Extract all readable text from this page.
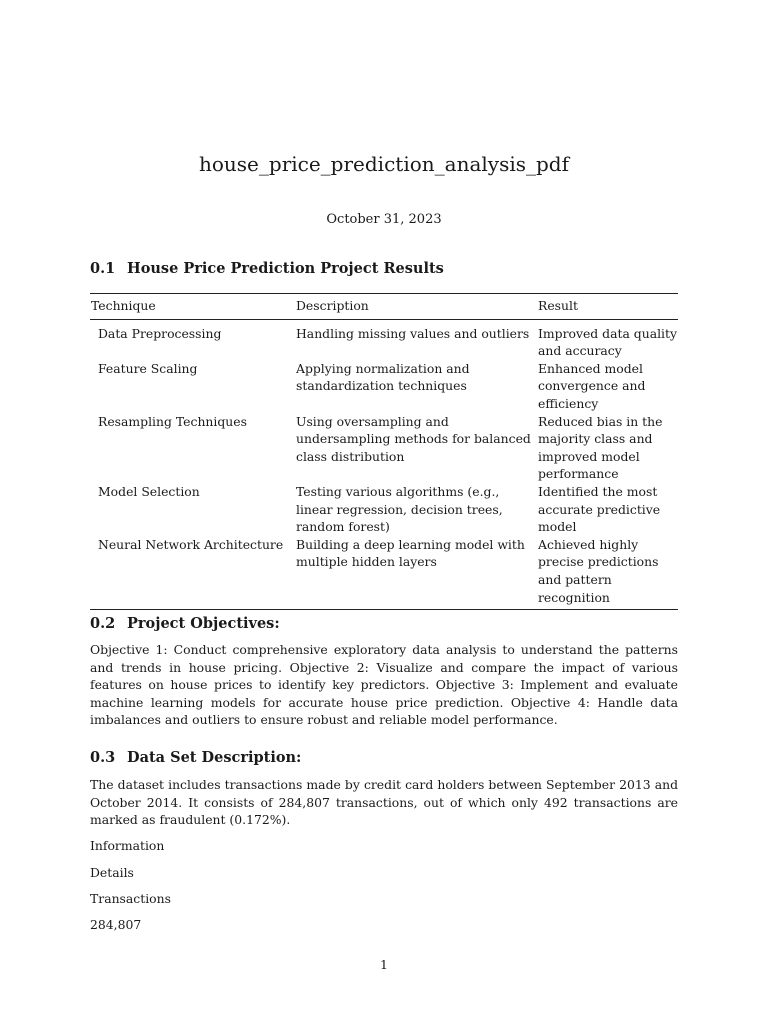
house_price_prediction_analysis_pdf
October 31, 2023
0.1 House Price Prediction Project Results
Technique	Description	Result
Data Preprocessing	Handling missing values and outliers	Improved data quality and accuracy
Feature Scaling	Applying normalization and standardization techniques	Enhanced model convergence and efficiency
Resampling Techniques	Using oversampling and undersampling methods for balanced class distribution	Reduced bias in the majority class and improved model performance
Model Selection	Testing various algorithms (e.g., linear regression, decision trees, random forest)	Identified the most accurate predictive model
Neural Network Architecture	Building a deep learning model with multiple hidden layers	Achieved highly precise predictions and pattern recognition
0.2 Project Objectives:

Objective 1: Conduct comprehensive exploratory data analysis to understand the patterns and trends in house pricing. Objective 2: Visualize and compare the impact of various features on house prices to identify key predictors. Objective 3: Implement and evaluate machine learning models for accurate house price prediction. Objective 4: Handle data imbalances and outliers to ensure robust and reliable model performance.

0.3 Data Set Description:

The dataset includes transactions made by credit card holders between September 2013 and October 2014. It consists of 284,807 transactions, out of which only 492 transactions are marked as fraudulent (0.172%).

Information

Details

Transactions

284,807

1
